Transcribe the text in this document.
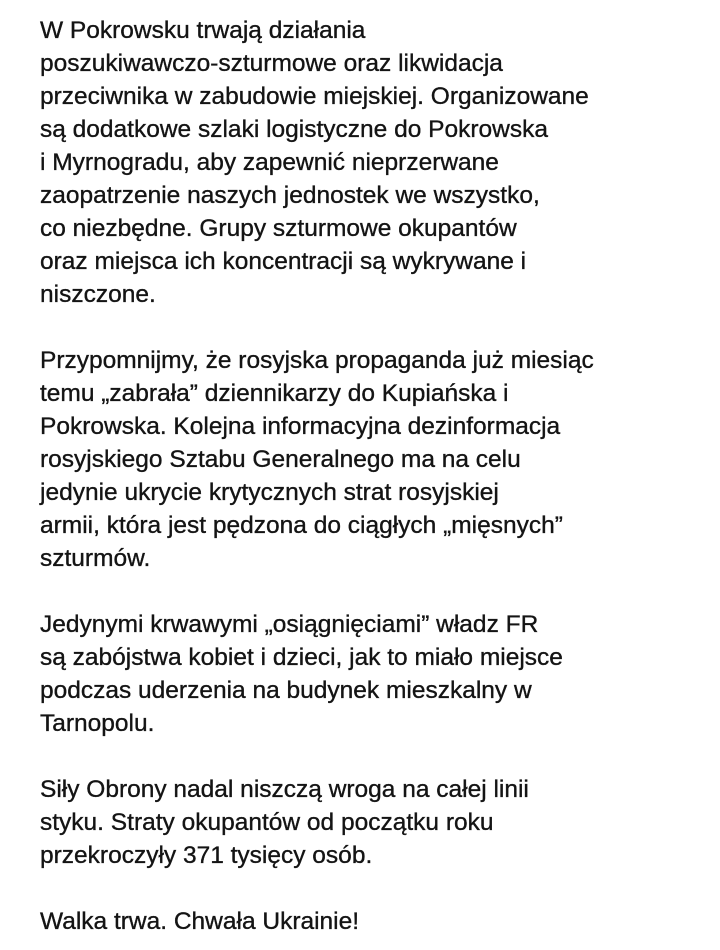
W Pokrowsku trwają działania
poszukiwawczo-szturmowe oraz likwidacja
przeciwnika w zabudowie miejskiej. Organizowane
są dodatkowe szlaki logistyczne do Pokrowska
i Myrnogradu, aby zapewnić nieprzerwane
zaopatrzenie naszych jednostek we wszystko,
co niezbędne. Grupy szturmowe okupantów
oraz miejsca ich koncentracji są wykrywane i
niszczone.
Przypomnijmy, że rosyjska propaganda już miesiąc
temu „zabrała” dziennikarzy do Kupiańska i
Pokrowska. Kolejna informacyjna dezinformacja
rosyjskiego Sztabu Generalnego ma na celu
jedynie ukrycie krytycznych strat rosyjskiej
armii, która jest pędzona do ciągłych „mięsnych”
szturmów.
Jedynymi krwawymi „osiągnięciami” władz FR
są zabójstwa kobiet i dzieci, jak to miało miejsce
podczas uderzenia na budynek mieszkalny w
Tarnopolu.
Siły Obrony nadal niszczą wroga na całej linii
styku. Straty okupantów od początku roku
przekroczyły 371 tysięcy osób.
Walka trwa. Chwała Ukrainie!
